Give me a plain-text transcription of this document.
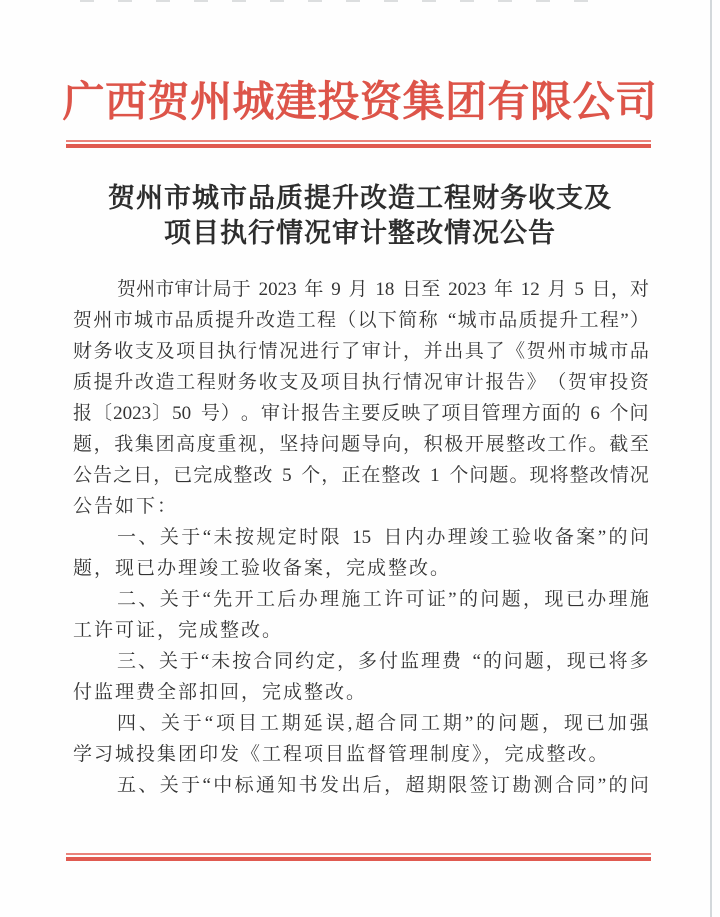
广西贺州城建投资集团有限公司
贺州市城市品质提升改造工程财务收支及
项目执行情况审计整改情况公告
贺 州 市 审 计 局 于 2023 年 9 月 18 日 至 2023 年 12 月 5 日 ， 对
贺 州 市 城 市 品 质 提 升 改 造 工 程 （ 以 下 简 称 “ 城 市 品 质 提 升 工 程 ” ）
财 务 收 支 及 项 目 执 行 情 况 进 行 了 审 计 ， 并 出 具 了 《 贺 州 市 城 市 品
质 提 升 改 造 工 程 财 务 收 支 及 项 目 执 行 情 况 审 计 报 告 》 （ 贺 审 投 资
报 〔 2023 〕 50 号 ） 。 审 计 报 告 主 要 反 映 了 项 目 管 理 方 面 的 6 个 问
题 ， 我 集 团 高 度 重 视 ， 坚 持 问 题 导 向 ， 积 极 开 展 整 改 工 作 。 截 至
公 告 之 日 ， 已 完 成 整 改 5 个 ， 正 在 整 改 1 个 问 题 。 现 将 整 改 情 况
公告如下：
一 、 关 于 “ 未 按 规 定 时 限 15 日 内 办 理 竣 工 验 收 备 案 ” 的 问
题，现已办理竣工验收备案，完成整改。
二 、 关 于 “ 先 开 工 后 办 理 施 工 许 可 证 ” 的 问 题 ， 现 已 办 理 施
工许可证，完成整改。
三 、 关 于 “ 未 按 合 同 约 定 ， 多 付 监 理 费 “ 的 问 题 ， 现 已 将 多
付监理费全部扣回，完成整改。
四 、 关 于 “ 项 目 工 期 延 误 , 超 合 同 工 期 ” 的 问 题 ， 现 已 加 强
学习城投集团印发《工程项目监督管理制度》，完成整改。
五 、 关 于 “ 中 标 通 知 书 发 出 后 ， 超 期 限 签 订 勘 测 合 同 ” 的 问
